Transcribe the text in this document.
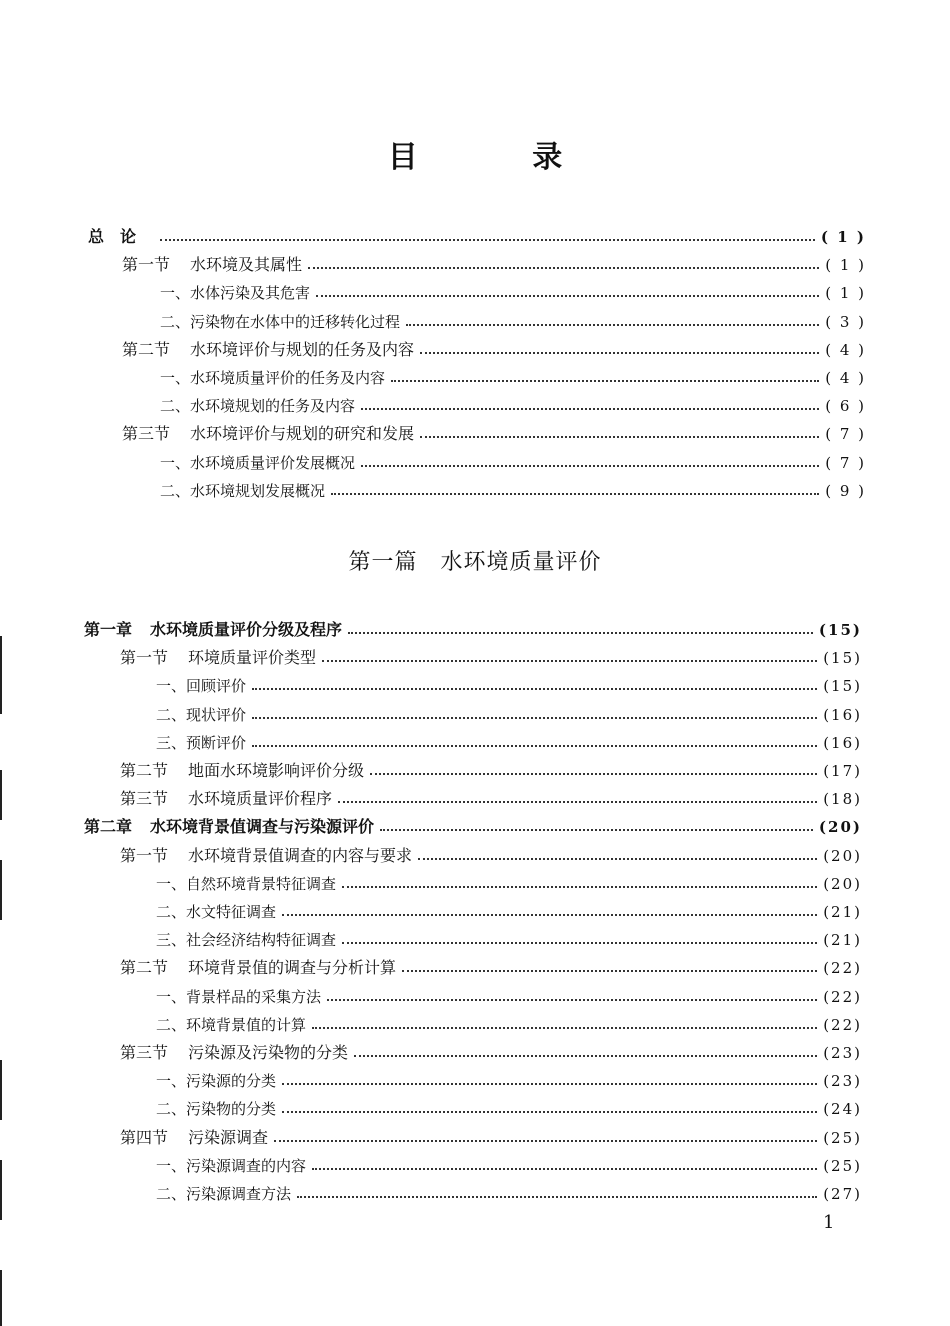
目 录
总　论	( 1 )
第一节 水环境及其属性	( 1 )
一、水体污染及其危害	( 1 )
二、污染物在水体中的迁移转化过程	( 3 )
第二节 水环境评价与规划的任务及内容	( 4 )
一、水环境质量评价的任务及内容	( 4 )
二、水环境规划的任务及内容	( 6 )
第三节 水环境评价与规划的研究和发展	( 7 )
一、水环境质量评价发展概况	( 7 )
二、水环境规划发展概况	( 9 )
第一篇　水环境质量评价
第一章 水环境质量评价分级及程序	(15)
第一节 环境质量评价类型	(15)
一、回顾评价	(15)
二、现状评价	(16)
三、预断评价	(16)
第二节 地面水环境影响评价分级	(17)
第三节 水环境质量评价程序	(18)
第二章 水环境背景值调查与污染源评价	(20)
第一节 水环境背景值调查的内容与要求	(20)
一、自然环境背景特征调查	(20)
二、水文特征调查	(21)
三、社会经济结构特征调查	(21)
第二节 环境背景值的调查与分析计算	(22)
一、背景样品的采集方法	(22)
二、环境背景值的计算	(22)
第三节 污染源及污染物的分类	(23)
一、污染源的分类	(23)
二、污染物的分类	(24)
第四节 污染源调查	(25)
一、污染源调查的内容	(25)
二、污染源调查方法	(27)
1
